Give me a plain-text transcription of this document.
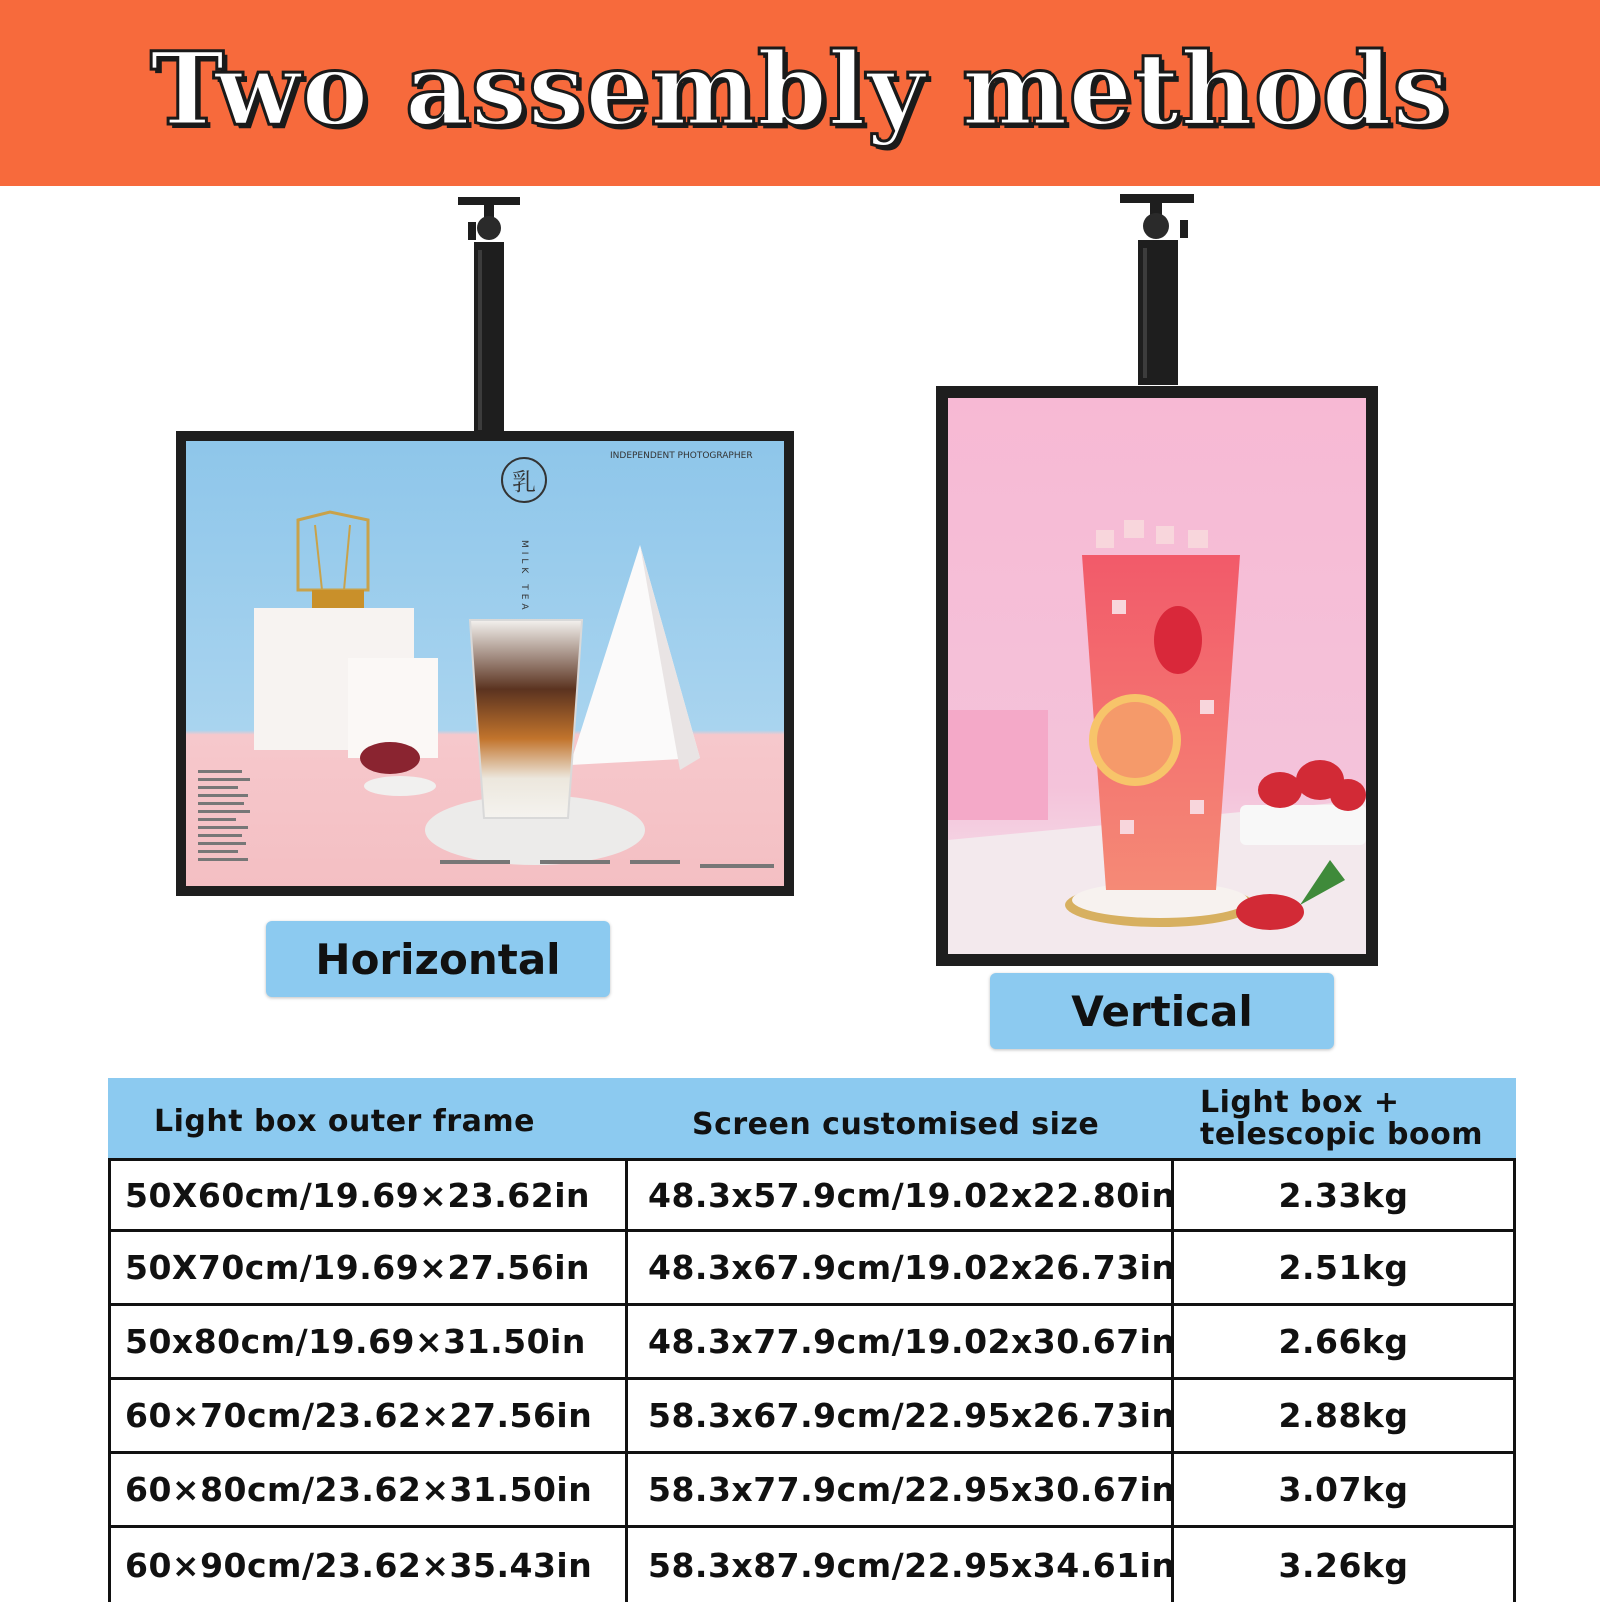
Two assembly methods
乳
INDEPENDENT PHOTOGRAPHER
MILK TEA
Horizontal
Vertical
Light box outer frame	Screen customised size
Light box +
telescopic boom
50X60cm/19.69×23.62in	48.3x57.9cm/19.02x22.80in	2.33kg
50X70cm/19.69×27.56in	48.3x67.9cm/19.02x26.73in	2.51kg
50x80cm/19.69×31.50in	48.3x77.9cm/19.02x30.67in	2.66kg
60×70cm/23.62×27.56in	58.3x67.9cm/22.95x26.73in	2.88kg
60×80cm/23.62×31.50in	58.3x77.9cm/22.95x30.67in	3.07kg
60×90cm/23.62×35.43in	58.3x87.9cm/22.95x34.61in	3.26kg
